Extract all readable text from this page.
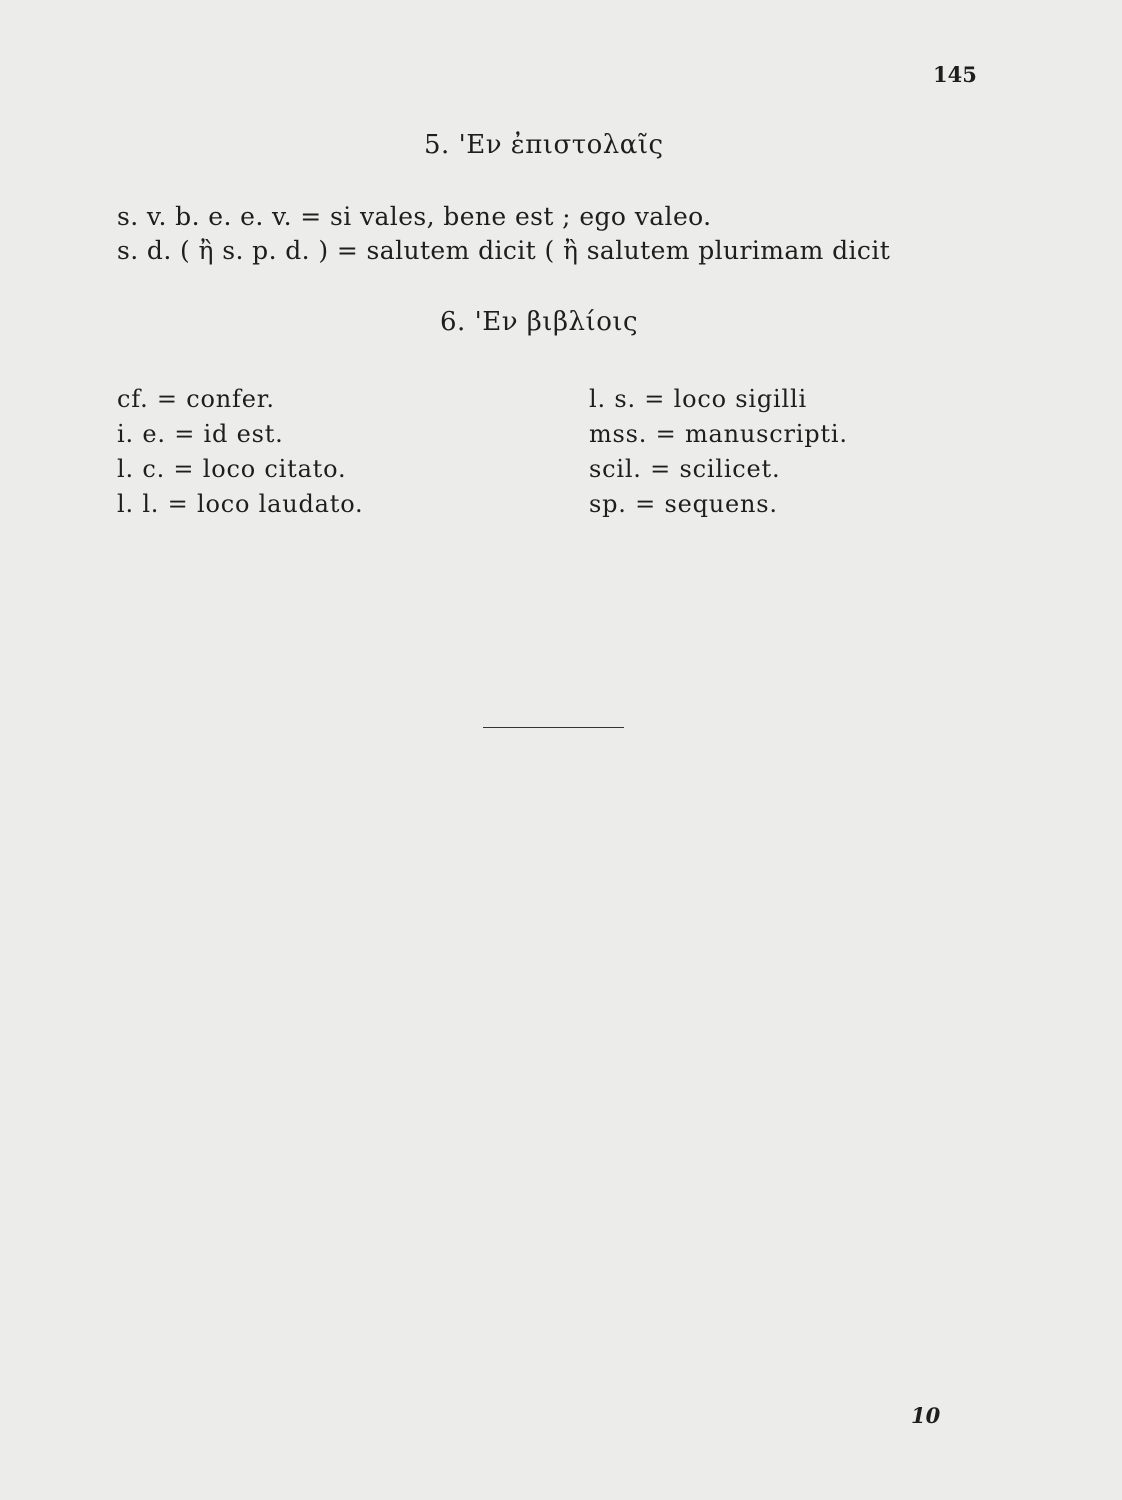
145
5. 'Εν ἐπιστολαῖς
s. v. b. e. e. v. = si vales, bene est ; ego valeo.
s. d. ( ἢ s. p. d. ) = salutem dicit ( ἢ salutem plurimam dicit
6. 'Εν βιβλίοις
cf. = confer.
i. e. = id est.
l. c. = loco citato.
l. l. = loco laudato.
l. s. = loco sigilli
mss. = manuscripti.
scil. = scilicet.
sp. = sequens.
10
